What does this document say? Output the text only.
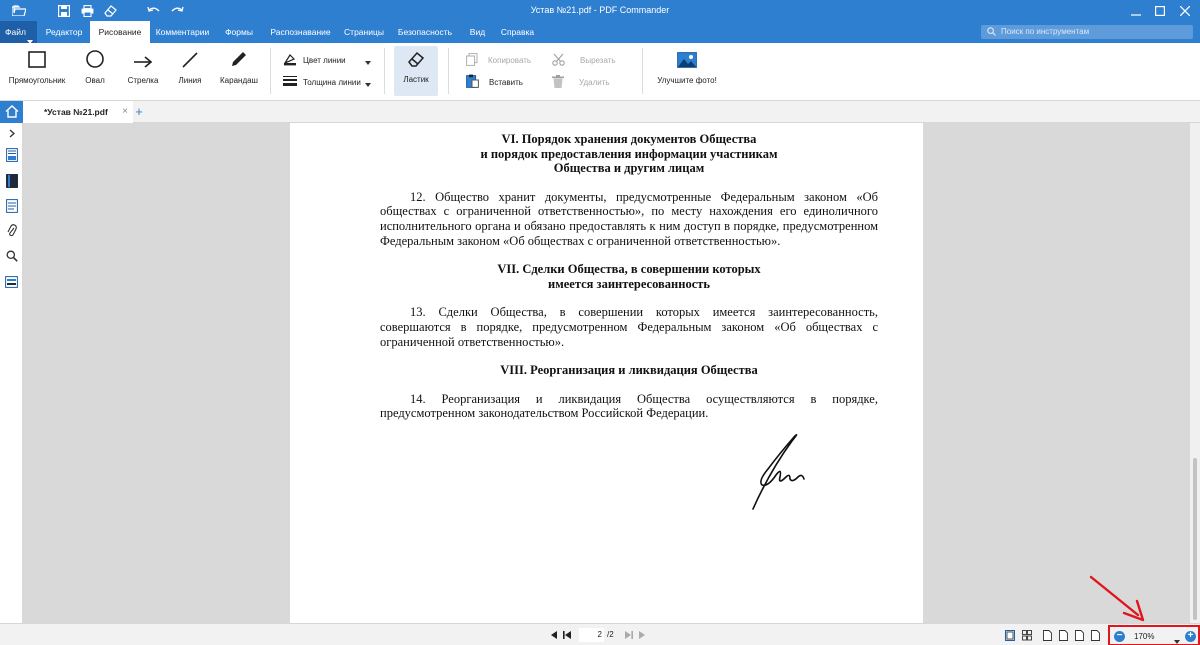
Устав №21.pdf - PDF Commander
Файл	Редактор	Рисование	Комментарии	Формы	Распознавание	Страницы	Безопасность	Вид	Справка	Поиск по инструментам
Прямоугольник	Овал	Стрелка	Линия	Карандаш
Цвет линии
Толщина линии	Ластик
Копировать
Вставить
Вырезать
Удалить	Улучшите фото!
*Устав №21.pdf × +
VI. Порядок хранения документов Общества
и порядок предоставления информации участникам
Обществa и другим лицам
12. Общество хранит документы, предусмотренные Федеральным законом «Об обществах с ограниченной ответственностью», по месту нахождения его единоличного исполнительного органа и обязано предоставлять к ним доступ в порядке, предусмотренном Федеральным законом «Об обществах с ограниченной ответственностью».
VII. Сделки Общества, в совершении которых
имеется заинтересованность
13. Сделки Общества, в совершении которых имеется заинтересованность, совершаются в порядке, предусмотренном Федеральным законом «Об обществах с ограниченной ответственностью».
VIII. Реорганизация и ликвидация Общества
14. Реорганизация и ликвидация Общества осуществляются в порядке, предусмотренном законодательством Российской Федерации.
2 /2	−	170%	+
